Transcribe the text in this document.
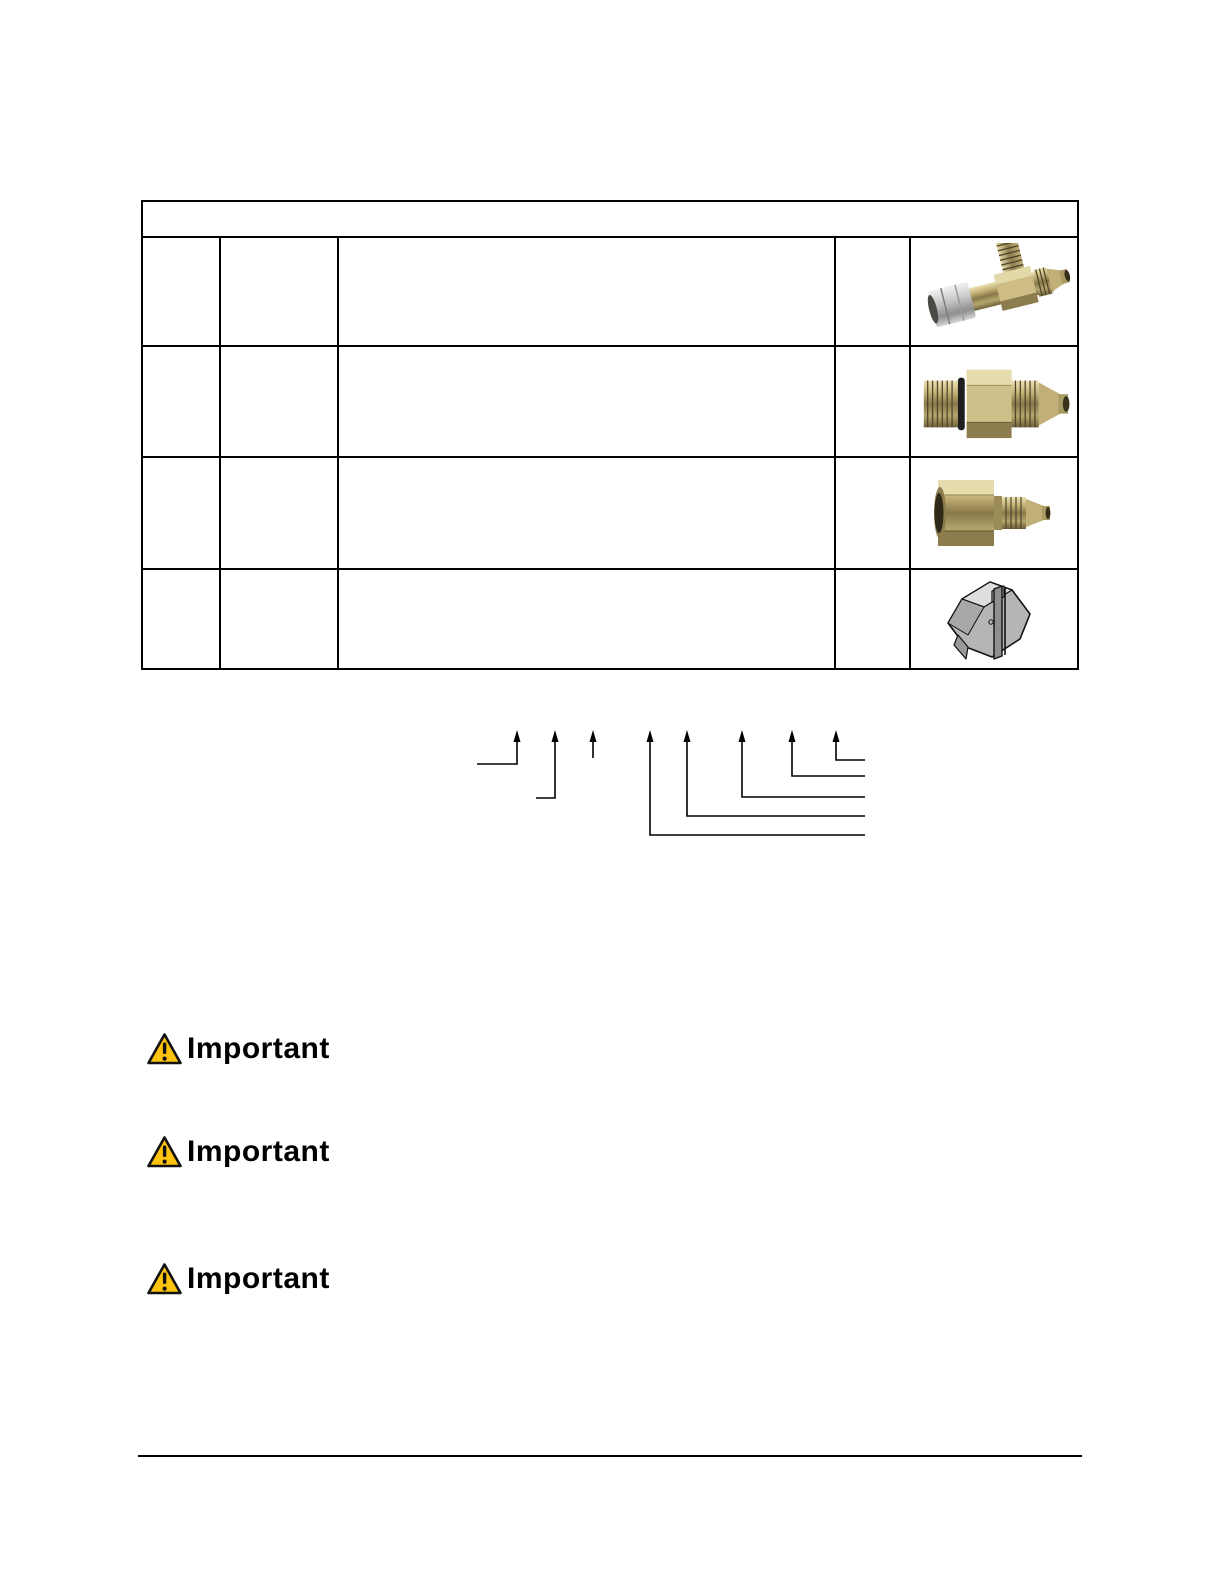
Important
Important
Important
